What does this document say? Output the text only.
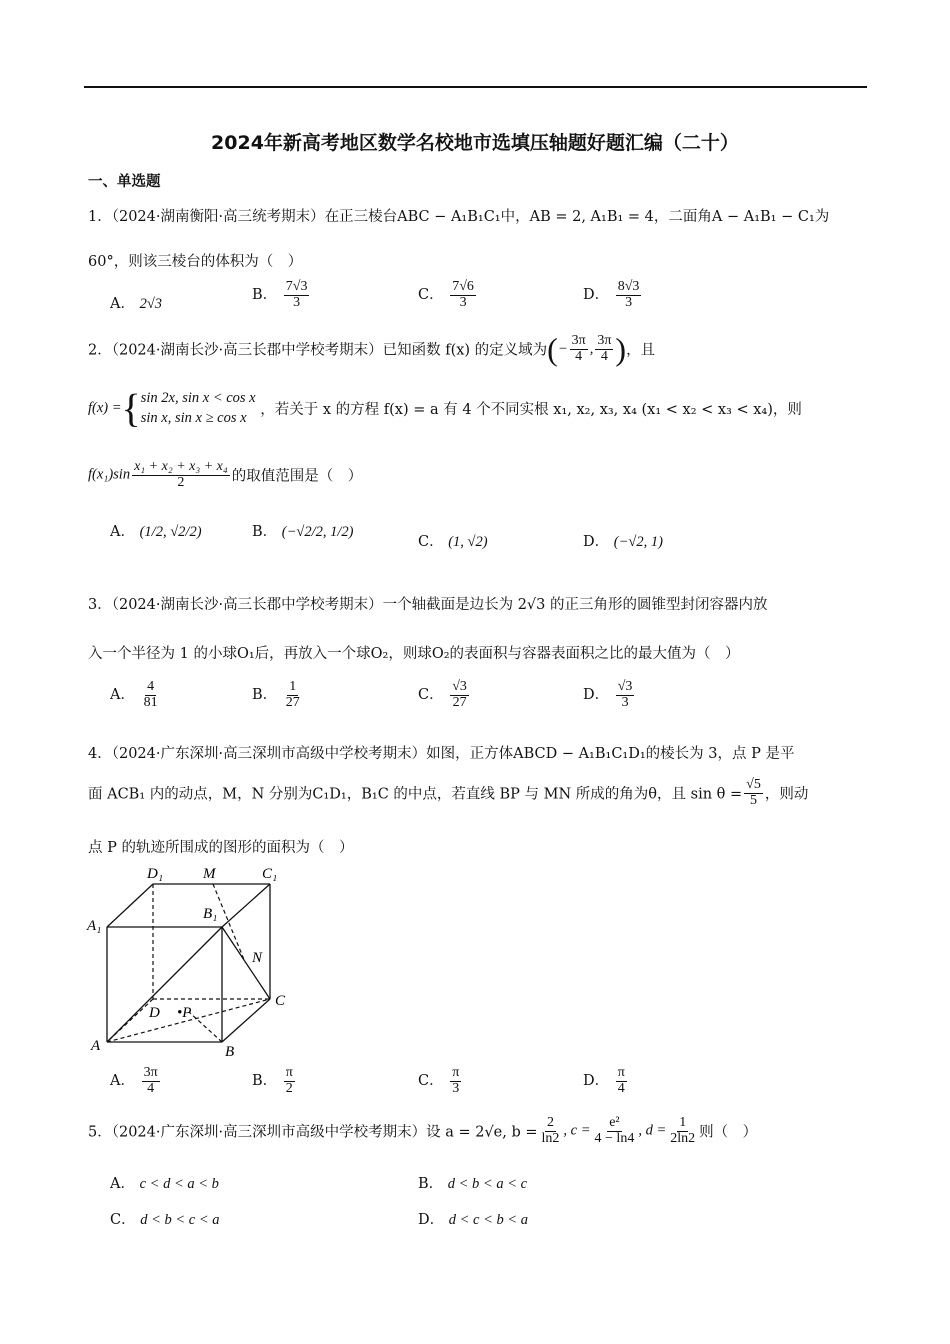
2024年新高考地区数学名校地市选填压轴题好题汇编（二十）
一、单选题
1．（2024·湖南衡阳·高三统考期末）在正三棱台ABC − A₁B₁C₁中，AB = 2, A₁B₁ = 4，二面角A − A₁B₁ − C₁为
60°，则该三棱台的体积为（　）
A． 2√3
B． $\frac{7√3}{3}$	C． $\frac{7√6}{3}$	D． $\frac{8√3}{3}$
2．（2024·湖南长沙·高三长郡中学校考期末）已知函数 f(x) 的定义域为(− $\frac{3\pi}{4}$ , $\frac{3\pi}{4}$ )，且
f(x) ={ sin 2x, sin x < cos x
sin x, sin x ≥ cos x
，若关于 x 的方程 f(x) = a 有 4 个不同实根 x₁, x₂, x₃, x₄ (x₁ < x₂ < x₃ < x₄)，则
$f(x_1)\sin \frac{\text{x₁ + x₂ + x₃ + x₄}}{2}$ 的取值范围是（　）
A． (1/2, √2/2)	B． (−√2/2, 1/2)
C． (1, √2)	D． (−√2, 1)
3．（2024·湖南长沙·高三长郡中学校考期末）一个轴截面是边长为 2√3 的正三角形的圆锥型封闭容器内放
入一个半径为 1 的小球O₁后，再放入一个球O₂，则球O₂的表面积与容器表面积之比的最大值为（　）
A． $\frac{4}{81}$	B． $\frac{1}{27}$	C． $\frac{√3}{27}$	D． $\frac{√3}{3}$
4．（2024·广东深圳·高三深圳市高级中学校考期末）如图，正方体ABCD − A₁B₁C₁D₁的棱长为 3，点 P 是平
面 ACB₁ 内的动点，M，N 分别为C₁D₁，B₁C 的中点，若直线 BP 与 MN 所成的角为θ，且 $\sin \theta = \frac{√5}{5}$ ，则动
点 P 的轨迹所围成的图形的面积为（　）
D₁	M	C₁
A₁
B₁
N
C
D •P
A	B
A． $\frac{3\pi}{4}$	B． $\frac{\pi}{2}$	C． $\frac{\pi}{3}$	D． $\frac{\pi}{4}$
5．（2024·广东深圳·高三深圳市高级中学校考期末）设 a = 2√e, $b = \frac{2}{\ln 2}$ , $c = \frac{\text{e²}}{4 - \ln 4}$ , $d = \frac{1}{2\ln 2}$ 则（　）
A． c < d < a < b	B． d < b < a < c
C． d < b < c < a	D． d < c < b < a
